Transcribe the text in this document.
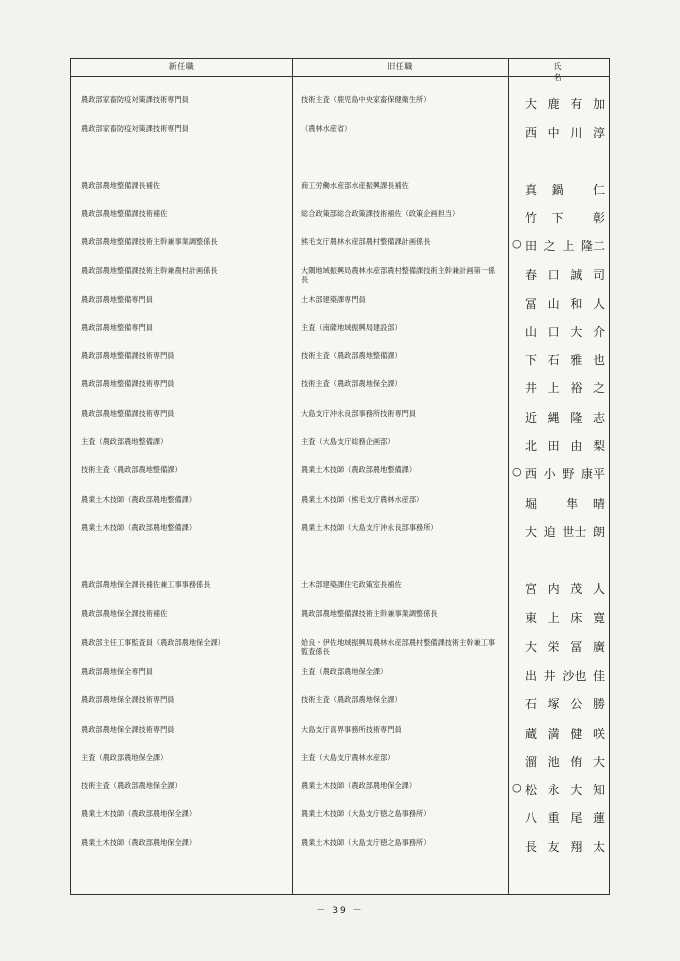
新任職	旧任職	氏 名
農政部家畜防疫対策課技術専門員	技術主査（鹿児島中央家畜保健衛生所）	大 鹿 有 加
農政部家畜防疫対策課技術専門員	（農林水産省）	西 中 川 淳
農政部農地整備課長補佐	商工労働水産部水産振興課長補佐	真 鍋 仁
農政部農地整備課技術補佐	総合政策部総合政策課技術補佐（政策企画担当）	竹 下 彰
農政部農地整備課技術主幹兼事業調整係長	熊毛支庁農林水産部農村整備課計画係長	○ 田 之 上 隆二
農政部農地整備課技術主幹兼農村計画係長	大隅地域振興局農林水産部農村整備課技術主幹兼計画第一係長	春 口 誠 司
農政部農地整備専門員	土木部建築課専門員	冨 山 和 人
農政部農地整備専門員	主査（南薩地域振興局建設部）	山 口 大 介
農政部農地整備課技術専門員	技術主査（農政部農地整備課）	下 石 雅 也
農政部農地整備課技術専門員	技術主査（農政部農地保全課）	井 上 裕 之
農政部農地整備課技術専門員	大島支庁沖永良部事務所技術専門員	近 縄 隆 志
主査（農政部農地整備課）	主査（大島支庁総務企画部）	北 田 由 梨
技術主査（農政部農地整備課）	農業土木技師（農政部農地整備課）	○ 西 小 野 康平
農業土木技師（農政部農地整備課）	農業土木技師（熊毛支庁農林水産部）	堀 隼 晴
農業土木技師（農政部農地整備課）	農業土木技師（大島支庁沖永良部事務所）	大 迫 世士 朗
農政部農地保全課長補佐兼工事事務係長	土木部建築課住宅政策室長補佐	宮 内 茂 人
農政部農地保全課技術補佐	農政部農地整備課技術主幹兼事業調整係長	東 上 床 寛
農政部主任工事監査員（農政部農地保全課）	姶良・伊佐地域振興局農林水産部農村整備課技術主幹兼工事監査係長	大 栄 冨 廣
農政部農地保全専門員	主査（農政部農地保全課）	出 井 沙也 佳
農政部農地保全課技術専門員	技術主査（農政部農地保全課）	石 塚 公 勝
農政部農地保全課技術専門員	大島支庁喜界事務所技術専門員	蔵 満 健 咲
主査（農政部農地保全課）	主査（大島支庁農林水産部）	溜 池 侑 大
技術主査（農政部農地保全課）	農業土木技師（農政部農地保全課）	○ 松 永 大 知
農業土木技師（農政部農地保全課）	農業土木技師（大島支庁徳之島事務所）	八 重 尾 蓮
農業土木技師（農政部農地保全課）	農業土木技師（大島支庁徳之島事務所）	長 友 翔 太
－ 39 －
